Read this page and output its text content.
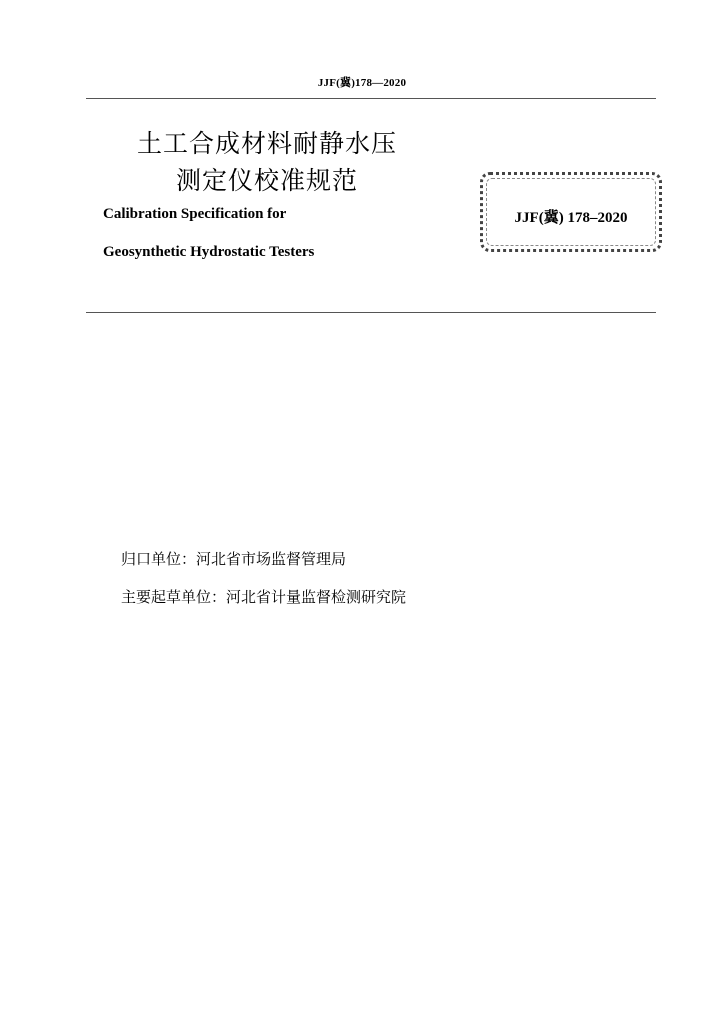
JJF(冀)178—2020
土工合成材料耐静水压
测定仪校准规范
Calibration Specification for
Geosynthetic Hydrostatic Testers
JJF(冀) 178–2020
归口单位：河北省市场监督管理局
主要起草单位：河北省计量监督检测研究院
